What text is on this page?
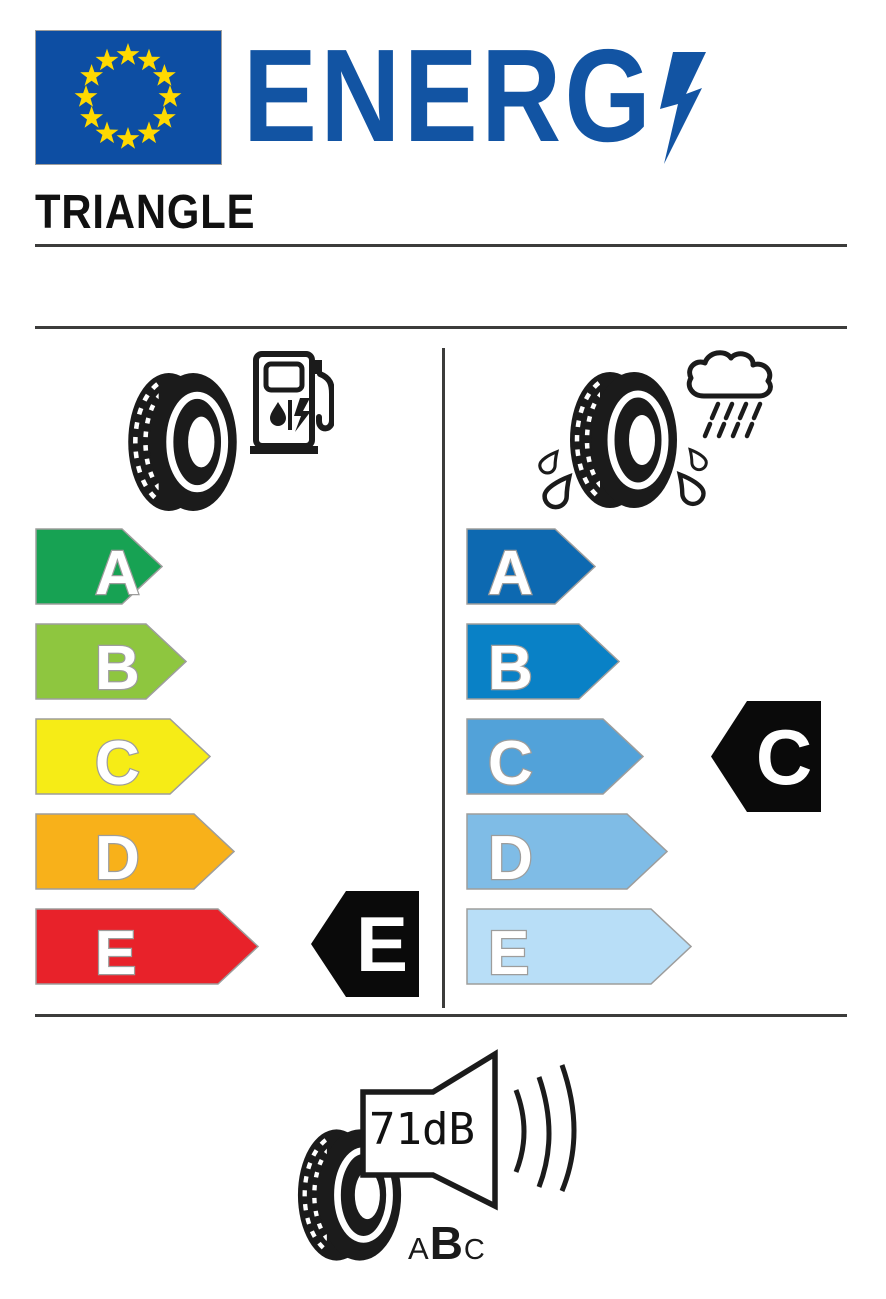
ENERG
TRIANGLE
A
B
C
D
E	E
A
B
C
D
E
C
71dB
ABC
